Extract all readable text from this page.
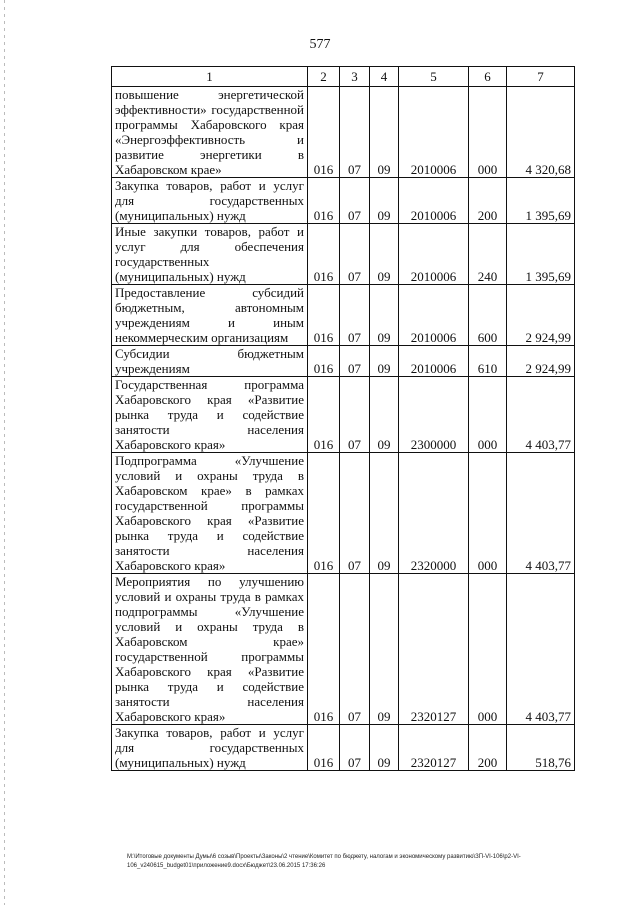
577
1	2	3	4	5	6	7
повышение энергетической эффективности» государственной программы Хабаровского края «Энергоэффективность и развитие энергетики в
Хабаровском крае»	016	07	09	2010006	000	4 320,68
Закупка товаров, работ и услуг для государственных
(муниципальных) нужд	016	07	09	2010006	200	1 395,69
Иные закупки товаров, работ и услуг для обеспечения государственных
(муниципальных) нужд	016	07	09	2010006	240	1 395,69
Предоставление субсидий бюджетным, автономным учреждениям и иным
некоммерческим организациям	016	07	09	2010006	600	2 924,99
Субсидии бюджетным
учреждениям	016	07	09	2010006	610	2 924,99
Государственная программа Хабаровского края «Развитие рынка труда и содействие занятости населения
Хабаровского края»	016	07	09	2300000	000	4 403,77
Подпрограмма «Улучшение условий и охраны труда в Хабаровском крае» в рамках государственной программы Хабаровского края «Развитие рынка труда и содействие занятости населения
Хабаровского края»	016	07	09	2320000	000	4 403,77
Мероприятия по улучшению условий и охраны труда в рамках подпрограммы «Улучшение условий и охраны труда в Хабаровском крае» государственной программы Хабаровского края «Развитие рынка труда и содействие занятости населения
Хабаровского края»	016	07	09	2320127	000	4 403,77
Закупка товаров, работ и услуг для государственных
(муниципальных) нужд	016	07	09	2320127	200	518,76
M:\Итоговые документы Думы\6 созыв\Проекты\Законы\2 чтение\Комитет по бюджету, налогам и экономическому развитию\ЗП-VI-106\p2-VI-106_v240615_budget01\приложение9.docx\Бюджет\23.06.2015 17:36:26
